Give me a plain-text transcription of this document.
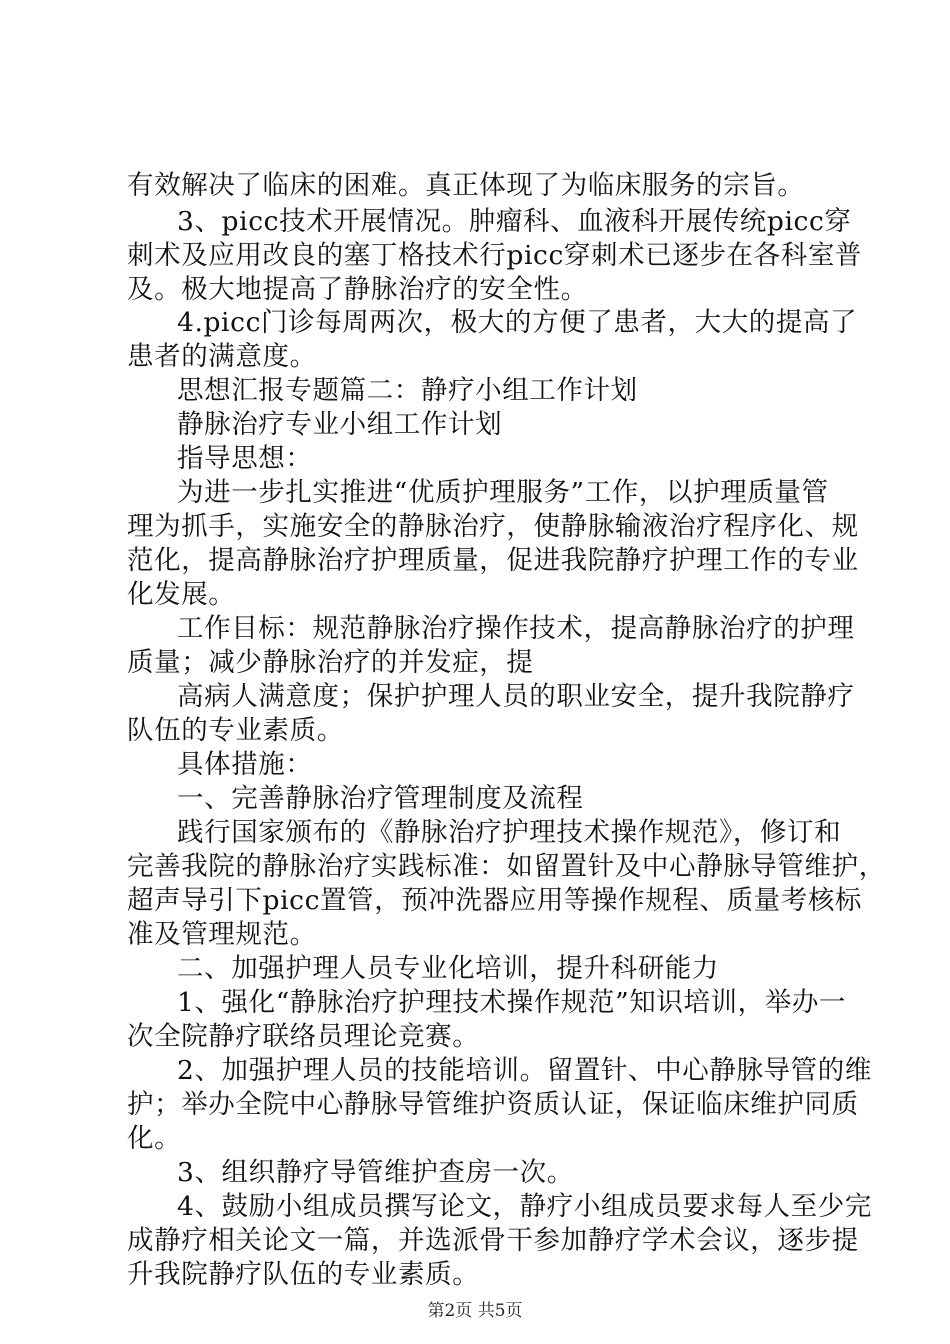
有效解决了临床的困难。真正体现了为临床服务的宗旨。
3、picc技术开展情况。肿瘤科、血液科开展传统picc穿
刺术及应用改良的塞丁格技术行picc穿刺术已逐步在各科室普
及。极大地提高了静脉治疗的安全性。
4.picc门诊每周两次，极大的方便了患者，大大的提高了
患者的满意度。
思想汇报专题篇二：静疗小组工作计划
静脉治疗专业小组工作计划
指导思想：
为进一步扎实推进“优质护理服务”工作，以护理质量管
理为抓手，实施安全的静脉治疗，使静脉输液治疗程序化、规
范化，提高静脉治疗护理质量，促进我院静疗护理工作的专业
化发展。
工作目标：规范静脉治疗操作技术，提高静脉治疗的护理
质量；减少静脉治疗的并发症，提
高病人满意度；保护护理人员的职业安全，提升我院静疗
队伍的专业素质。
具体措施：
一、完善静脉治疗管理制度及流程
践行国家颁布的《静脉治疗护理技术操作规范》，修订和
完善我院的静脉治疗实践标准：如留置针及中心静脉导管维护，
超声导引下picc置管，预冲洗器应用等操作规程、质量考核标
准及管理规范。
二、加强护理人员专业化培训，提升科研能力
1、强化“静脉治疗护理技术操作规范”知识培训，举办一
次全院静疗联络员理论竞赛。
2、加强护理人员的技能培训。留置针、中心静脉导管的维
护；举办全院中心静脉导管维护资质认证，保证临床维护同质
化。
3、组织静疗导管维护查房一次。
4、鼓励小组成员撰写论文，静疗小组成员要求每人至少完
成静疗相关论文一篇，并选派骨干参加静疗学术会议，逐步提
升我院静疗队伍的专业素质。
第2页 共5页
